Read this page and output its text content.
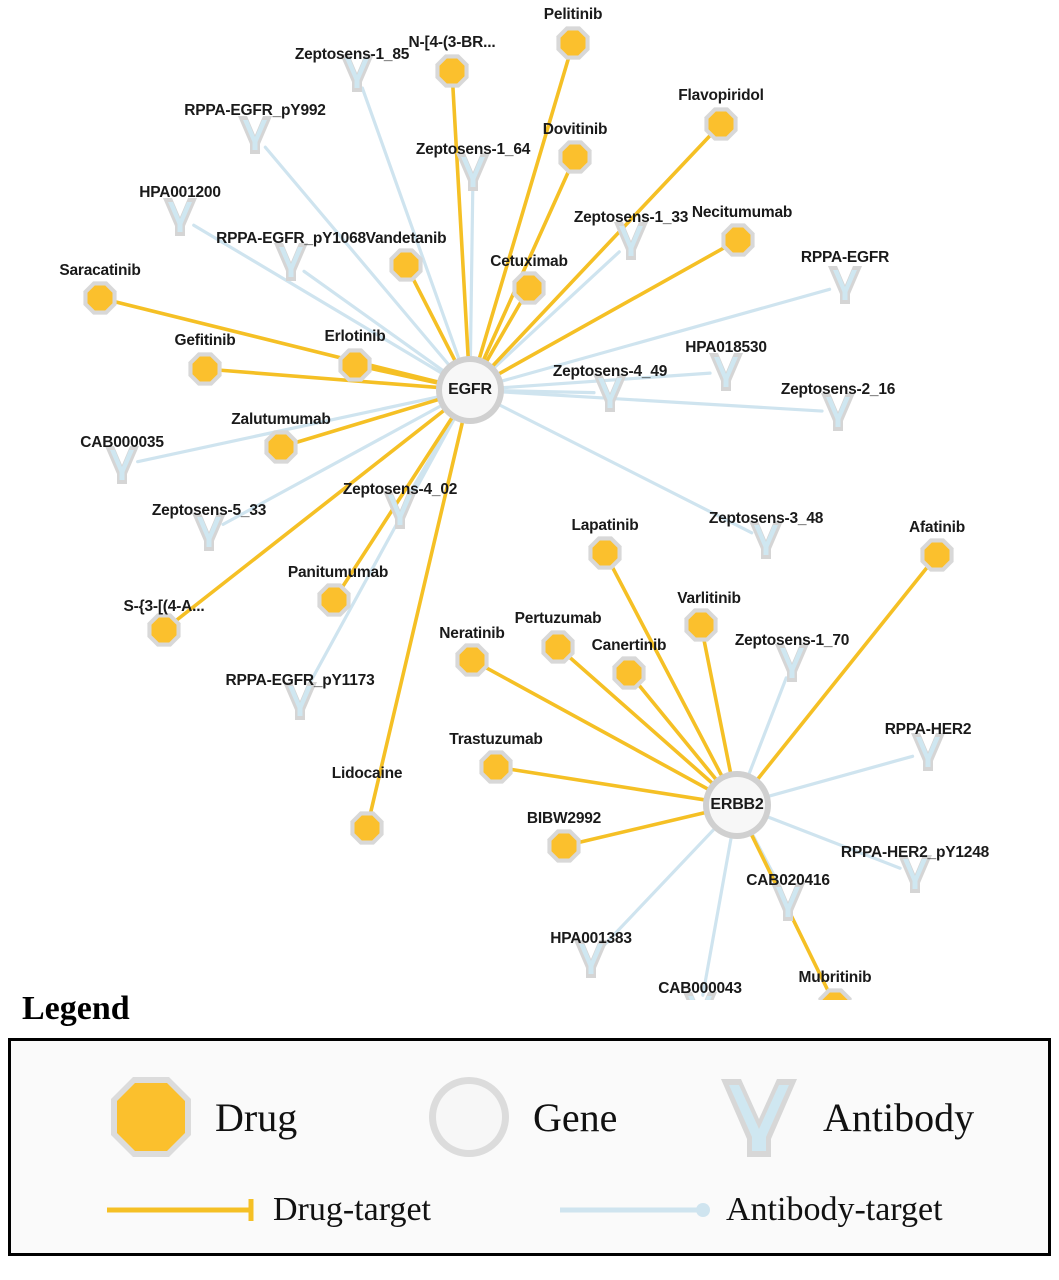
Zeptosens-1_85
RPPA-EGFR_pY992
Zeptosens-1_64
HPA001200
Zeptosens-1_33
RPPA-EGFR_pY1068
RPPA-EGFR
HPA018530
Zeptosens-4_49
Zeptosens-2_16
CAB000035
Zeptosens-4_02
Zeptosens-5_33	Zeptosens-3_48
Zeptosens-1_70
RPPA-EGFR_pY1173
RPPA-HER2
RPPA-HER2_pY1248
CAB020416
HPA001383
CAB000043
Pelitinib
N-[4-(3-BR...
Flavopiridol
Dovitinib
Necitumumab
Vandetanib
Cetuximab
Saracatinib
Gefitinib	Erlotinib
Zalutumumab
Afatinib
Lapatinib
Varlitinib
Panitumumab
S-{3-[(4-A...
Pertuzumab
Neratinib
Canertinib
Trastuzumab
Lidocaine
BIBW2992
Mubritinib
EGFR
ERBB2
Legend
Drug	Gene	Antibody
Drug-target	Antibody-target
